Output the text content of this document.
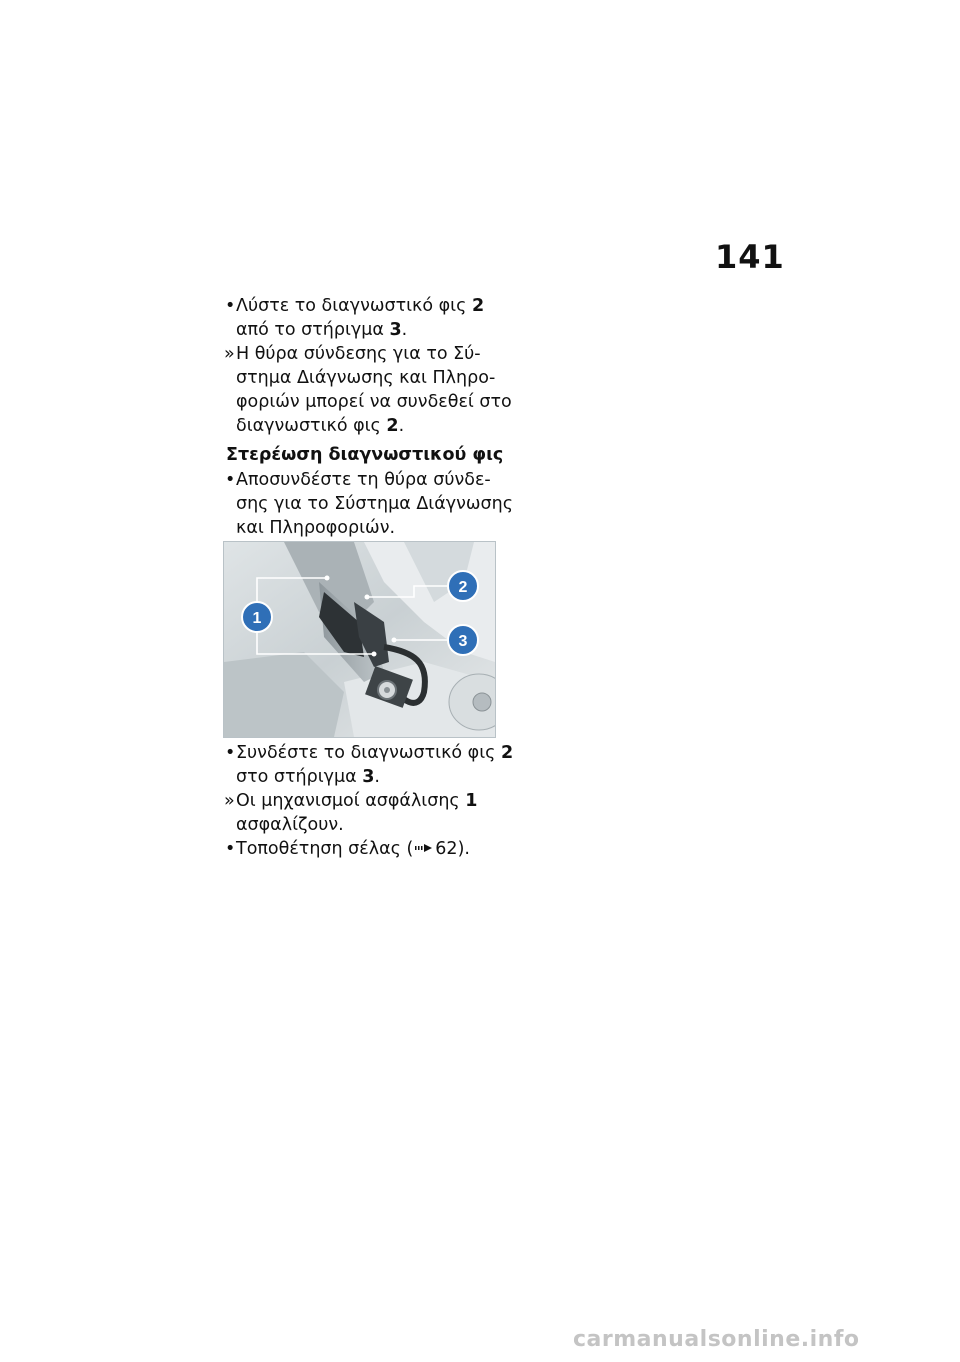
141
• Λύστε το διαγνωστικό φις 2
από το στήριγμα 3.
» Η θύρα σύνδεσης για το Σύ-
στημα Διάγνωσης και Πληρο-
φοριών μπορεί να συνδεθεί στο
διαγνωστικό φις 2.
Στερέωση διαγνωστικού φις
• Αποσυνδέστε τη θύρα σύνδε-
σης για το Σύστημα Διάγνωσης
και Πληροφοριών.
1
2
3
• Συνδέστε το διαγνωστικό φις 2
στο στήριγμα 3.
» Οι μηχανισμοί ασφάλισης 1
ασφαλίζουν.
• Τοποθέτηση σέλας ( 62).
carmanualsonline.info
